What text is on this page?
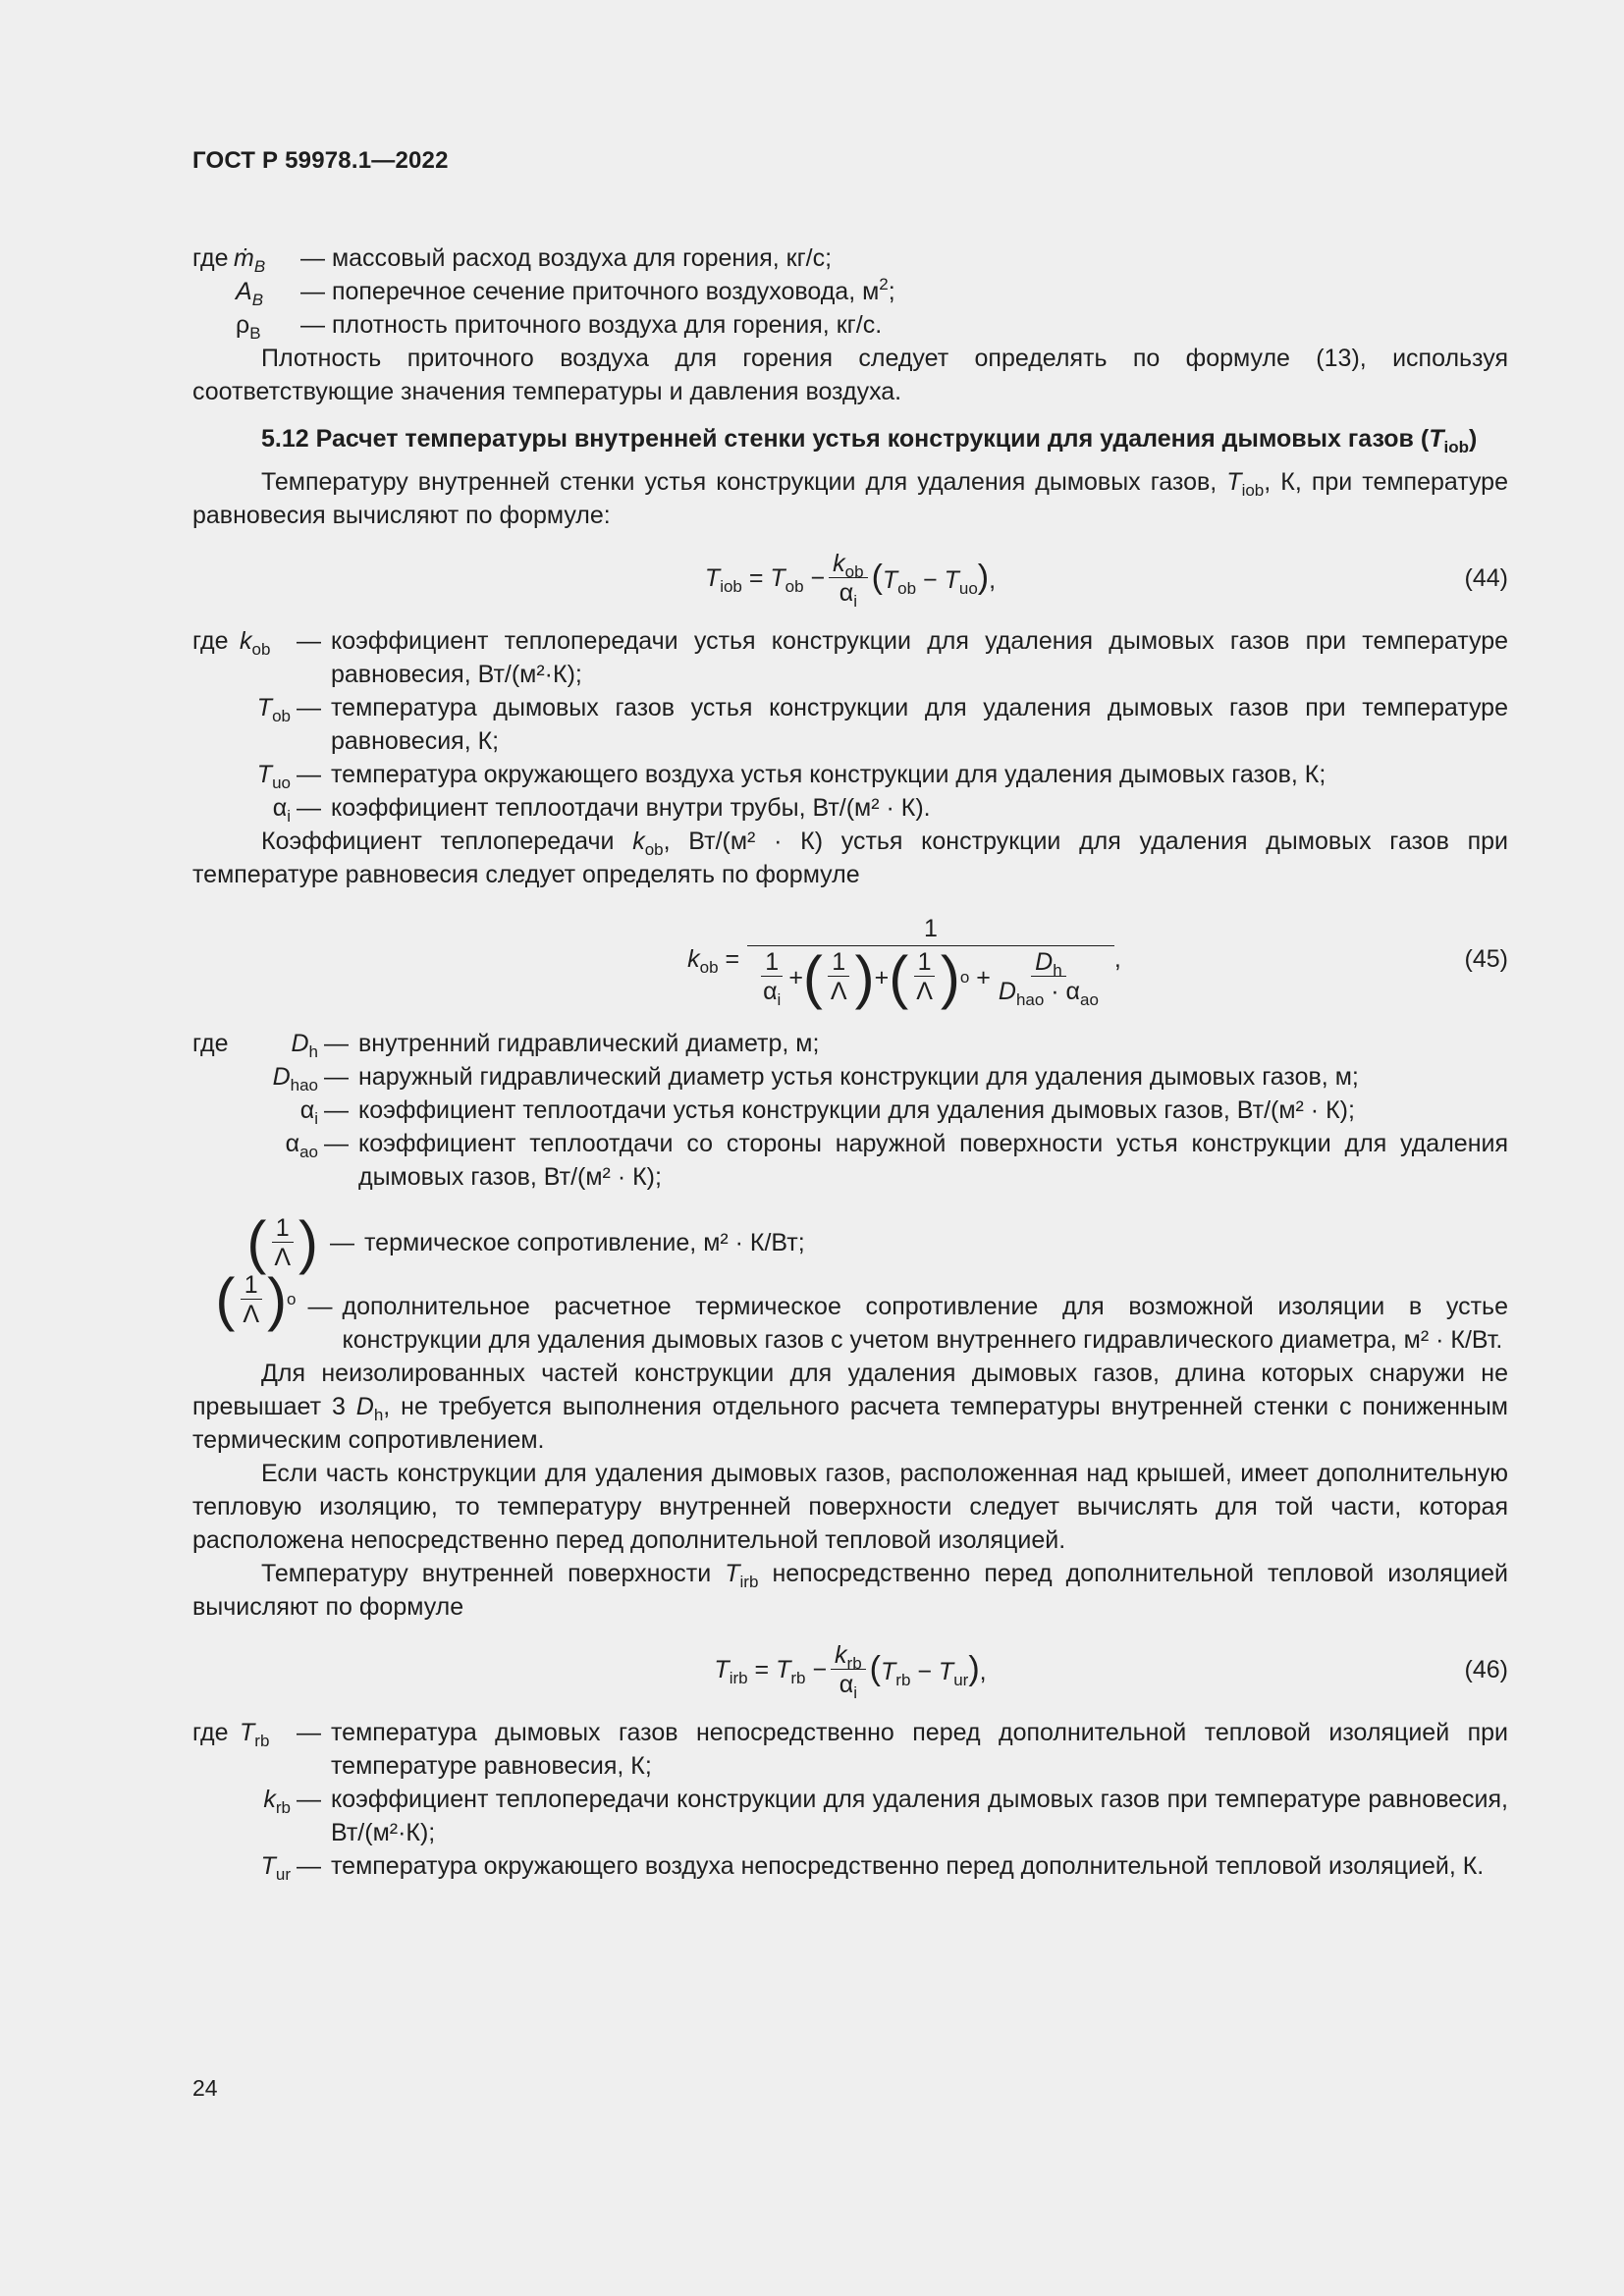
ГОСТ Р 59978.1—2022
где ṁ$_B$	— массовый расход воздуха для горения, кг/с;
$A_B$	— поперечное сечение приточного воздуховода, $м^2$;
$\rho_B$	— плотность приточного воздуха для горения, кг/с.

Плотность приточного воздуха для горения следует определять по формуле (13), используя соответствующие значения температуры и давления воздуха.

5.12 Расчет температуры внутренней стенки устья конструкции для удаления дымовых газов $(T_{iob})$

Температуру внутренней стенки устья конструкции для удаления дымовых газов, $T_{iob}$, К, при температуре равновесия вычисляют по формуле:

$T_{iob} = T_{ob} - \frac{k_{ob}}{\alpha_i} (T_{ob} - T_{uo})$,	(44)
где $k_{ob}$	— коэффициент теплопередачи устья конструкции для удаления дымовых газов при температуре равновесия, Вт/(м²·К);
$T_{ob}$ — температура дымовых газов устья конструкции для удаления дымовых газов при температуре равновесия, К;
$T_{uo}$ — температура окружающего воздуха устья конструкции для удаления дымовых газов, К;
$\alpha_i$ — коэффициент теплоотдачи внутри трубы, Вт/(м² · К).

Коэффициент теплопередачи $k_{ob}$, Вт/(м² · К) устья конструкции для удаления дымовых газов при температуре равновесия следует определять по формуле

$k_{ob}$ =
1
$\frac{1}{\alpha_i}$ + ( $\frac{1}{\Lambda}$ ) + ( $\frac{1}{\Lambda}$ ) $o + \frac{D_h}{D_{hao} \cdot \alpha_{ao}}$ ,	(45)
где	$D_h$ — внутренний гидравлический диаметр, м;
$D_{hao}$ — наружный гидравлический диаметр устья конструкции для удаления дымовых газов, м;
$\alpha_i$ — коэффициент теплоотдачи устья конструкции для удаления дымовых газов, Вт/(м² · К);
$\alpha_{ao}$ — коэффициент теплоотдачи со стороны наружной поверхности устья конструкции для удаления дымовых газов, Вт/(м² · К);
( $\frac{1}{\Lambda}$ ) — термическое сопротивление, м² · К/Вт;
( $\frac{1}{\Lambda}$ ) o — дополнительное расчетное термическое сопротивление для возможной изоляции в устье конструкции для удаления дымовых газов с учетом внутреннего гидравлического диаметра, м² · К/Вт.

Для неизолированных частей конструкции для удаления дымовых газов, длина которых снаружи не превышает 3 $D_h$, не требуется выполнения отдельного расчета температуры внутренней стенки с пониженным термическим сопротивлением.

Если часть конструкции для удаления дымовых газов, расположенная над крышей, имеет дополнительную тепловую изоляцию, то температуру внутренней поверхности следует вычислять для той части, которая расположена непосредственно перед дополнительной тепловой изоляцией.

Температуру внутренней поверхности $T_{irb}$ непосредственно перед дополнительной тепловой изоляцией вычисляют по формуле

$T_{irb} = T_{rb} - \frac{k_{rb}}{\alpha_i} (T_{rb} - T_{ur})$,	(46)
где $T_{rb}$	— температура дымовых газов непосредственно перед дополнительной тепловой изоляцией при температуре равновесия, К;
$k_{rb}$ — коэффициент теплопередачи конструкции для удаления дымовых газов при температуре равновесия, Вт/(м²·К);
$T_{ur}$ — температура окружающего воздуха непосредственно перед дополнительной тепловой изоляцией, К.
24
